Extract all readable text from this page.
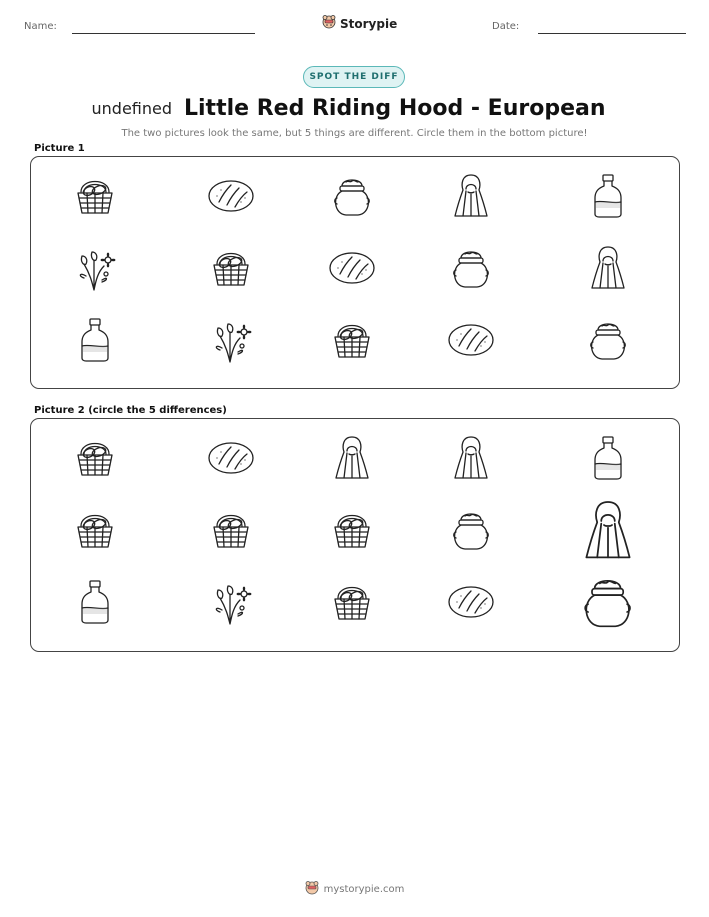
Name:	Storypie	Date:
SPOT THE DIFF
undefined Little Red Riding Hood - European
The two pictures look the same, but 5 things are different. Circle them in the bottom picture!
Picture 1
Picture 2 (circle the 5 differences)
mystorypie.com
